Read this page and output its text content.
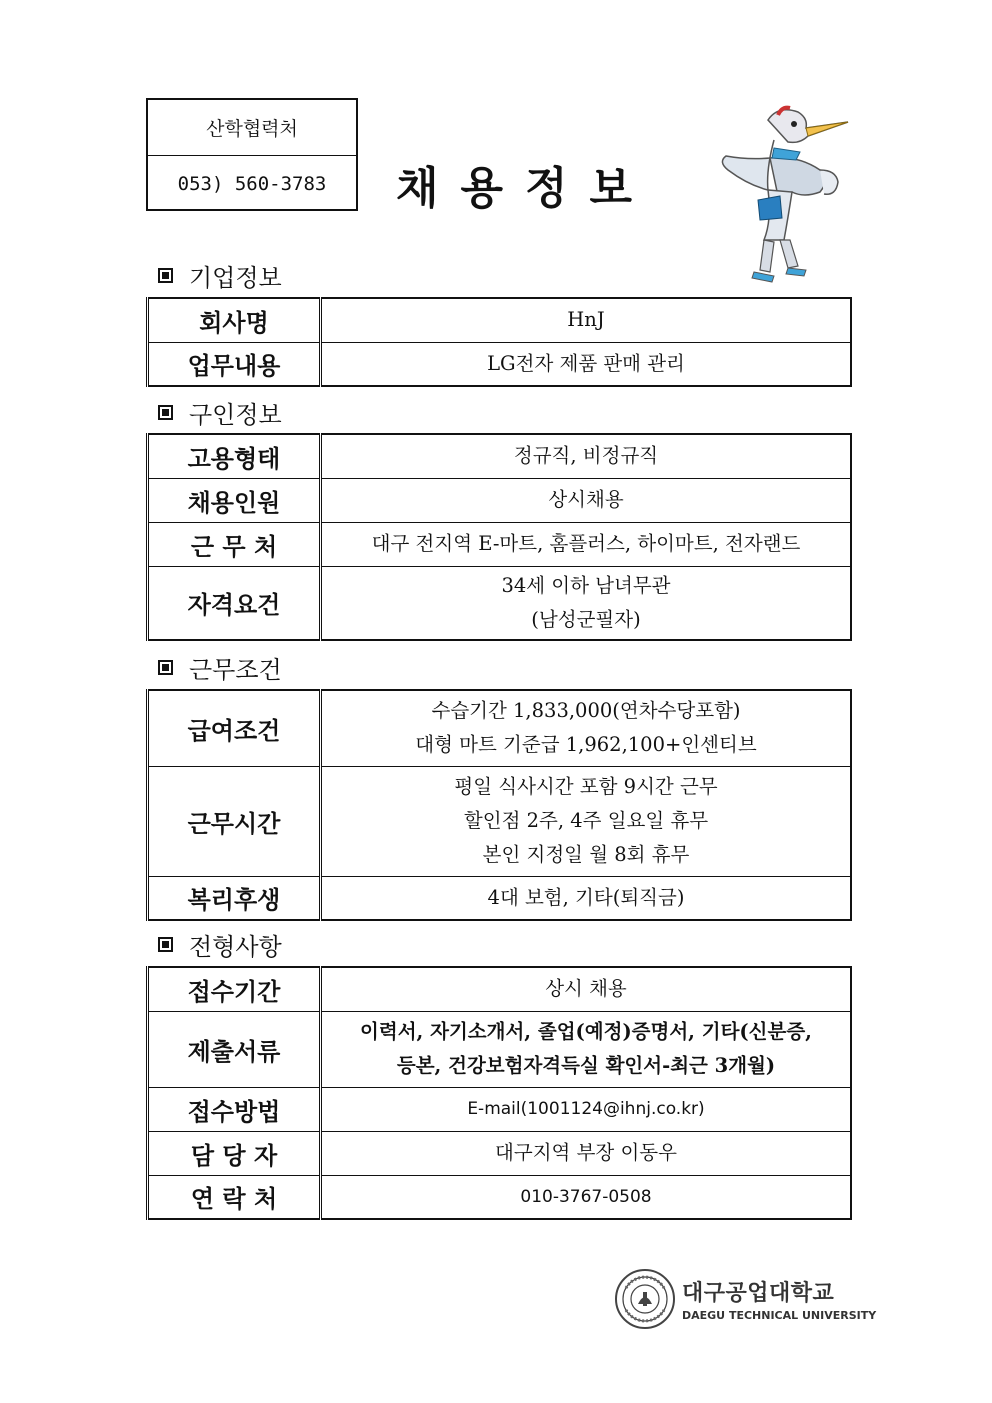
산학협력처
053) 560-3783	채용정보
기업정보
회사명	HnJ

업무내용	LG전자 제품 판매 관리
구인정보
고용형태	정규직, 비정규직

채용인원	상시채용

근 무 처	대구 전지역 E-마트, 홈플러스, 하이마트, 전자랜드

자격요건	34세 이하 남녀무관
(남성군필자)
근무조건
급여조건	수습기간 1,833,000(연차수당포함)
대형 마트 기준급 1,962,100+인센티브

근무시간	평일 식사시간 포함 9시간 근무
할인점 2주, 4주 일요일 휴무
본인 지정일 월 8회 휴무

복리후생	4대 보험, 기타(퇴직금)
전형사항
접수기간	상시 채용

제출서류	이력서, 자기소개서, 졸업(예정)증명서, 기타(신분증,
등본, 건강보험자격득실 확인서-최근 3개월)

접수방법	E-mail(1001124@ihnj.co.kr)

담 당 자	대구지역 부장 이동우

연 락 처	010-3767-0508
대구공업대학교
DAEGU TECHNICAL UNIVERSITY
